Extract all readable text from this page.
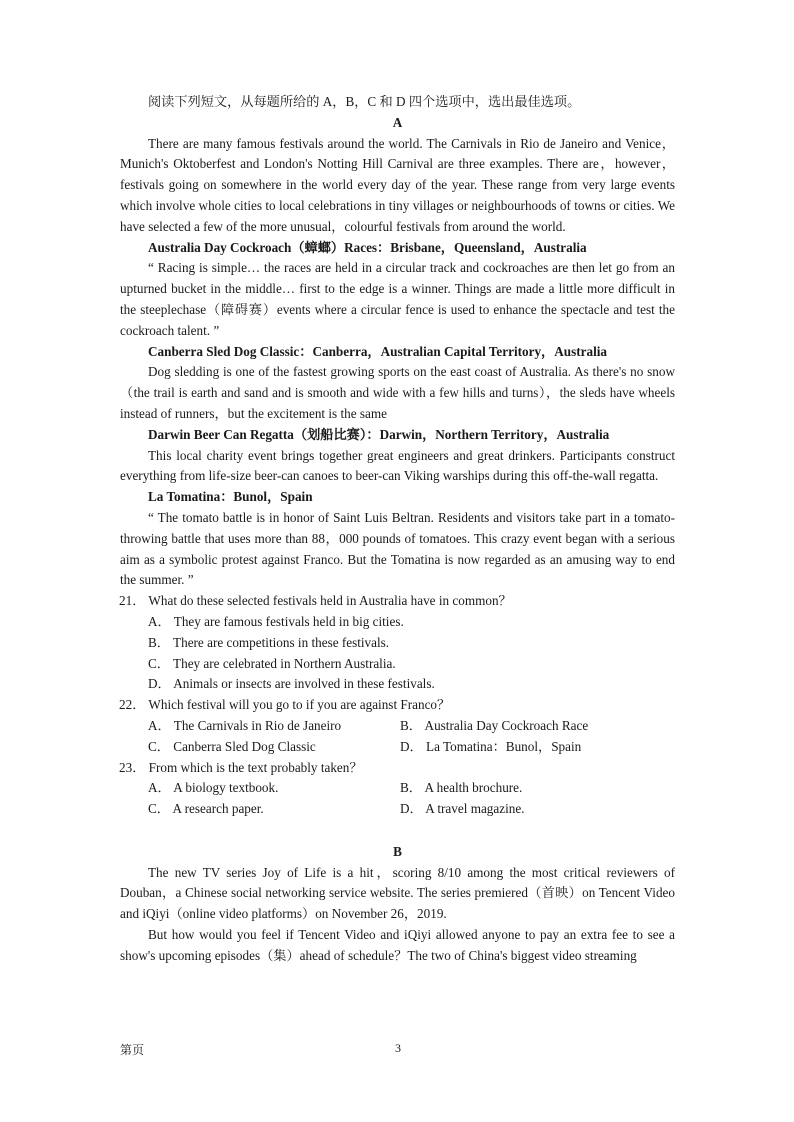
阅读下列短文，从每题所给的 A，B，C 和 D 四个选项中，选出最佳选项。

A

There are many famous festivals around the world. The Carnivals in Rio de Janeiro and Venice，Munich's Oktoberfest and London's Notting Hill Carnival are three examples. There are，however，festivals going on somewhere in the world every day of the year. These range from very large events which involve whole cities to local celebrations in tiny villages or neighbourhoods of towns or cities. We have selected a few of the more unusual，colourful festivals from around the world.

Australia Day Cockroach（蟑螂）Races：Brisbane，Queensland，Australia

“ Racing is simple… the races are held in a circular track and cockroaches are then let go from an upturned bucket in the middle… first to the edge is a winner. Things are made a little more difficult in the steeplechase（障碍赛）events where a circular fence is used to enhance the spectacle and test the cockroach talent. ”

Canberra Sled Dog Classic：Canberra，Australian Capital Territory，Australia

Dog sledding is one of the fastest growing sports on the east coast of Australia. As there's no snow（the trail is earth and sand and is smooth and wide with a few hills and turns），the sleds have wheels instead of runners，but the excitement is the same

Darwin Beer Can Regatta（划船比赛）：Darwin，Northern Territory，Australia

This local charity event brings together great engineers and great drinkers. Participants construct everything from life-size beer-can canoes to beer-can Viking warships during this off-the-wall regatta.

La Tomatina：Bunol，Spain

“ The tomato battle is in honor of Saint Luis Beltran. Residents and visitors take part in a tomato-throwing battle that uses more than 88，000 pounds of tomatoes. This crazy event began with a serious aim as a symbolic protest against Franco. But the Tomatina is now regarded as an amusing way to end the summer. ”

21． What do these selected festivals held in Australia have in common？

A． They are famous festivals held in big cities.

B． There are competitions in these festivals.

C． They are celebrated in Northern Australia.

D． Animals or insects are involved in these festivals.

22． Which festival will you go to if you are against Franco？

A． The Carnivals in Rio de Janeiro	B． Australia Day Cockroach Race
C． Canberra Sled Dog Classic	D． La Tomatina：Bunol，Spain

23． From which is the text probably taken？

A． A biology textbook.	B． A health brochure.
C． A research paper.	D． A travel magazine.

B

The new TV series Joy of Life is a hit，scoring 8/10 among the most critical reviewers of Douban，a Chinese social networking service website. The series premiered（首映）on Tencent Video and iQiyi（online video platforms）on November 26，2019.

But how would you feel if Tencent Video and iQiyi allowed anyone to pay an extra fee to see a show's upcoming episodes（集）ahead of schedule？The two of China's biggest video streaming

第页	3
